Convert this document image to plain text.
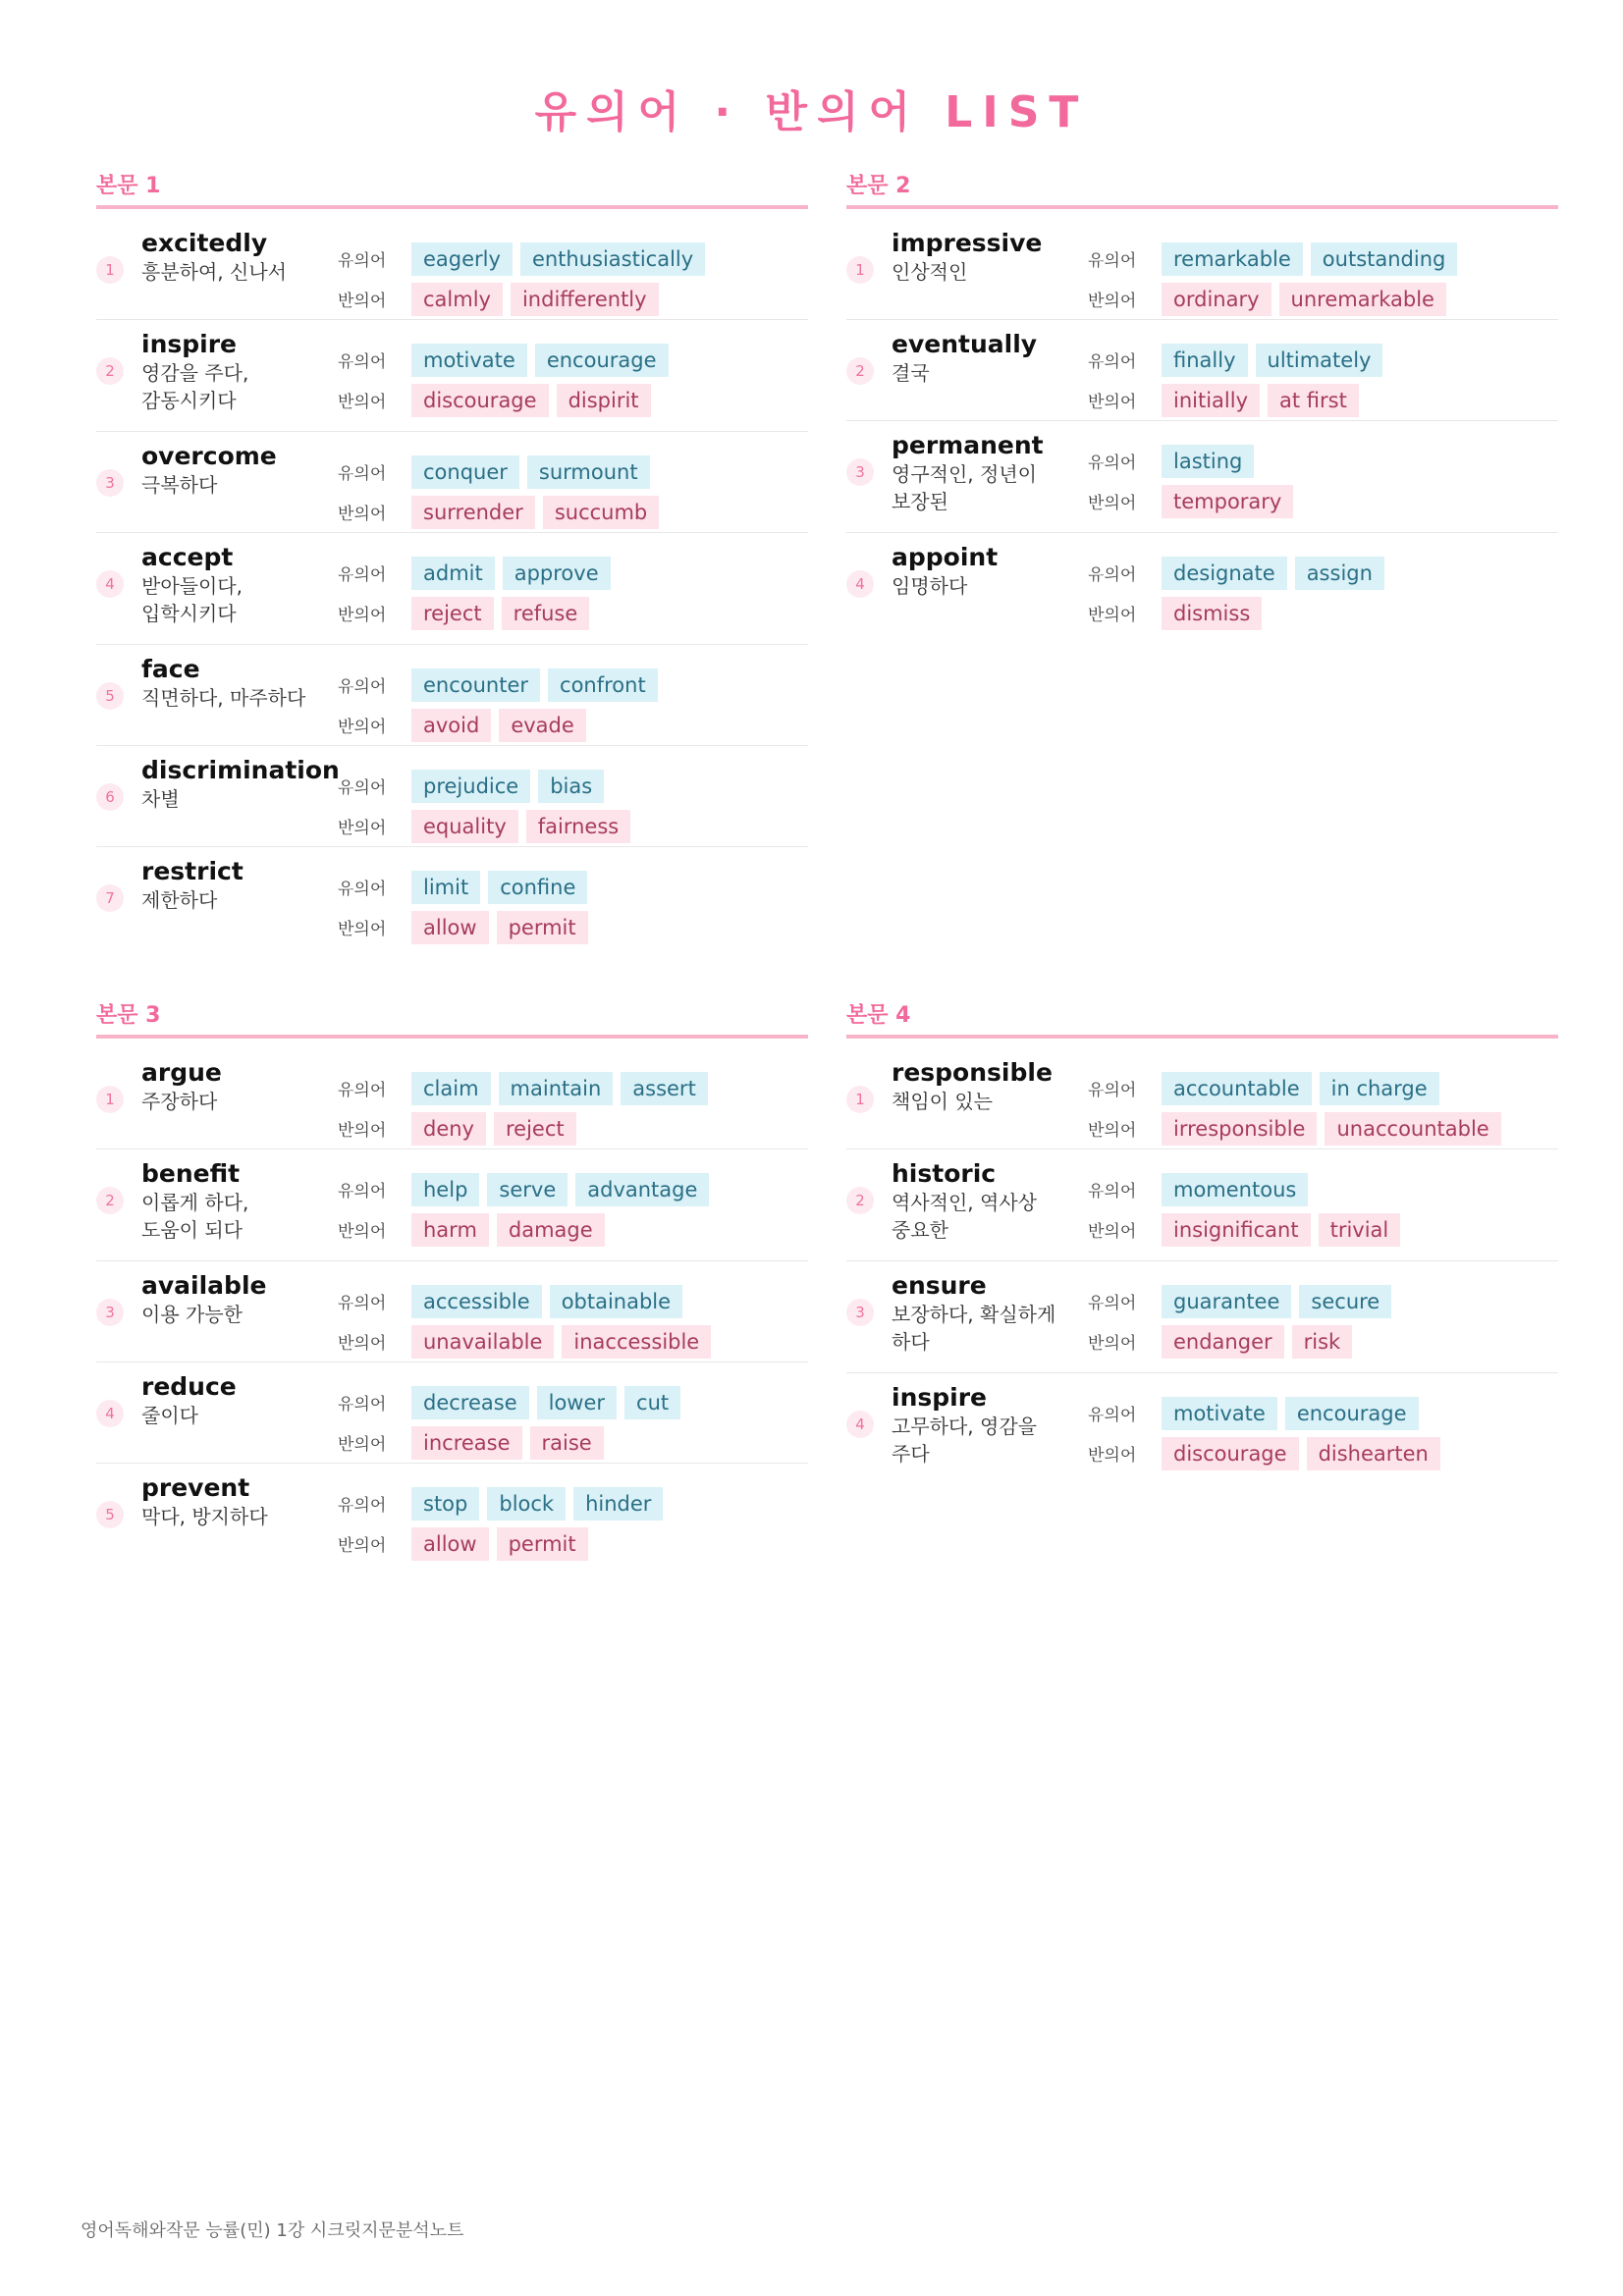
유의어 · 반의어 LIST
본문 1
1
excitedly
흥분하여, 신나서	유의어	eagerly	enthusiastically
반의어	calmly	indifferently
2
inspire
영감을 주다,
감동시키다
유의어	motivate	encourage
반의어	discourage	dispirit
3
overcome
극복하다	유의어	conquer	surmount
반의어	surrender	succumb
4
accept
받아들이다,
입학시키다
유의어	admit	approve
반의어	reject	refuse
5
face
직면하다, 마주하다	유의어	encounter	confront
반의어	avoid	evade
6
discrimination
차별	유의어	prejudice	bias
반의어	equality	fairness
7
restrict
제한하다	유의어	limit	confine
반의어	allow	permit
본문 2
1
impressive
인상적인	유의어	remarkable	outstanding
반의어	ordinary	unremarkable
2
eventually
결국	유의어	finally	ultimately
반의어	initially	at first
3
permanent
영구적인, 정년이
보장된
유의어	lasting
반의어	temporary
4
appoint
임명하다	유의어	designate	assign
반의어	dismiss
본문 3
1
argue
주장하다	유의어	claim	maintain	assert
반의어	deny	reject
2
benefit
이롭게 하다,
도움이 되다
유의어	help	serve	advantage
반의어	harm	damage
3
available
이용 가능한	유의어	accessible	obtainable
반의어	unavailable	inaccessible
4
reduce
줄이다	유의어	decrease	lower	cut
반의어	increase	raise
5
prevent
막다, 방지하다	유의어	stop	block	hinder
반의어	allow	permit
본문 4
1
responsible
책임이 있는	유의어	accountable	in charge
반의어	irresponsible	unaccountable
2
historic
역사적인, 역사상
중요한
유의어	momentous
반의어	insignificant	trivial
3
ensure
보장하다, 확실하게
하다
유의어	guarantee	secure
반의어	endanger	risk
4
inspire
고무하다, 영감을
주다
유의어	motivate	encourage
반의어	discourage	dishearten
영어독해와작문 능률(민) 1강 시크릿지문분석노트
